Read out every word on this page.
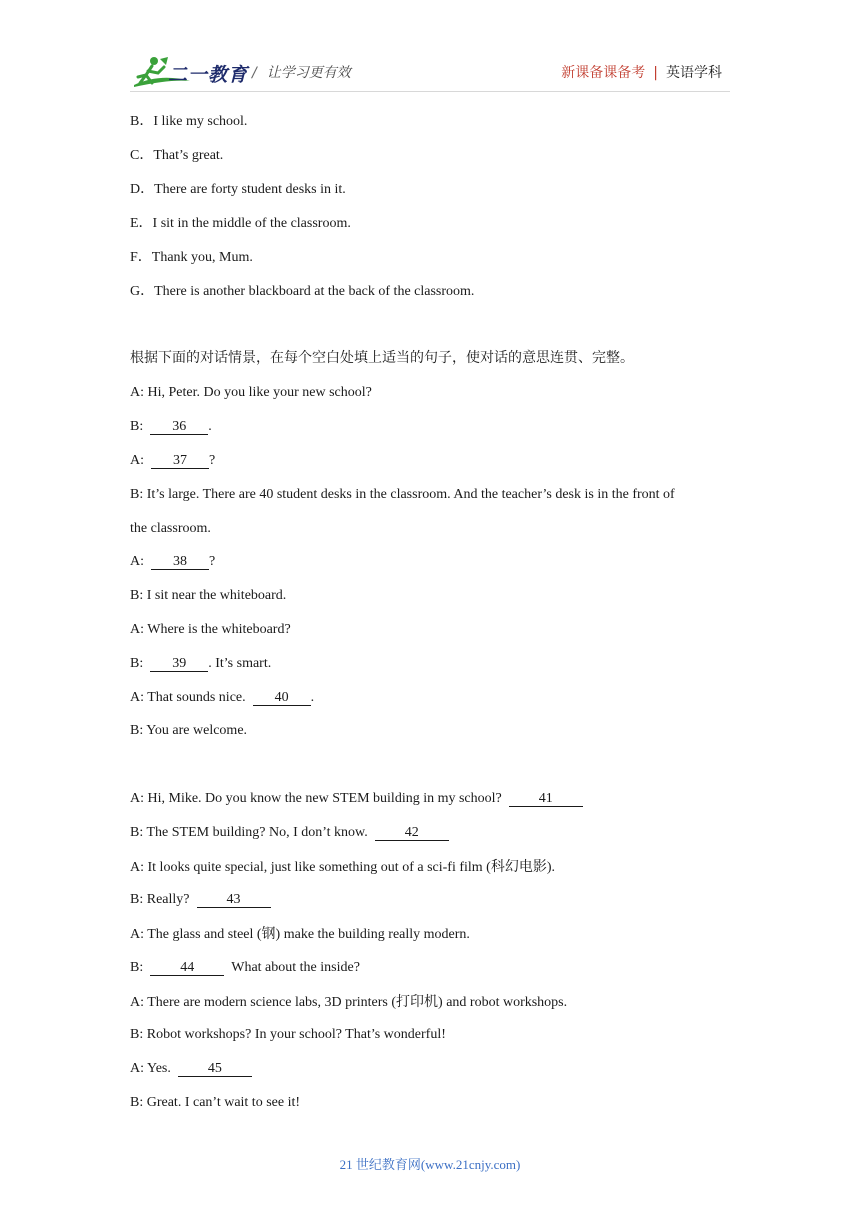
二一教育 / 让学习更有效	新课备课备考 | 英语学科
B．I like my school.
C．That’s great.
D．There are forty student desks in it.
E．I sit in the middle of the classroom.
F．Thank you, Mum.
G．There is another blackboard at the back of the classroom.
根据下面的对话情景，在每个空白处填上适当的句子，使对话的意思连贯、完整。
A: Hi, Peter. Do you like your new school?
B: 36 .
A: 37 ?
B: It’s large. There are 40 student desks in the classroom. And the teacher’s desk is in the front of
the classroom.
A: 38 ?
B: I sit near the whiteboard.
A: Where is the whiteboard?
B: 39 . It’s smart.
A: That sounds nice. 40 .
B: You are welcome.
A: Hi, Mike. Do you know the new STEM building in my school?	41
B: The STEM building? No, I don’t know.	42
A: It looks quite special, just like something out of a sci-fi film (科幻电影).
B: Really?	43
A: The glass and steel (钢) make the building really modern.
B:	44	What about the inside?
A: There are modern science labs, 3D printers (打印机) and robot workshops.
B: Robot workshops? In your school? That’s wonderful!
A: Yes.	45
B: Great. I can’t wait to see it!
21 世纪教育网(www.21cnjy.com)
